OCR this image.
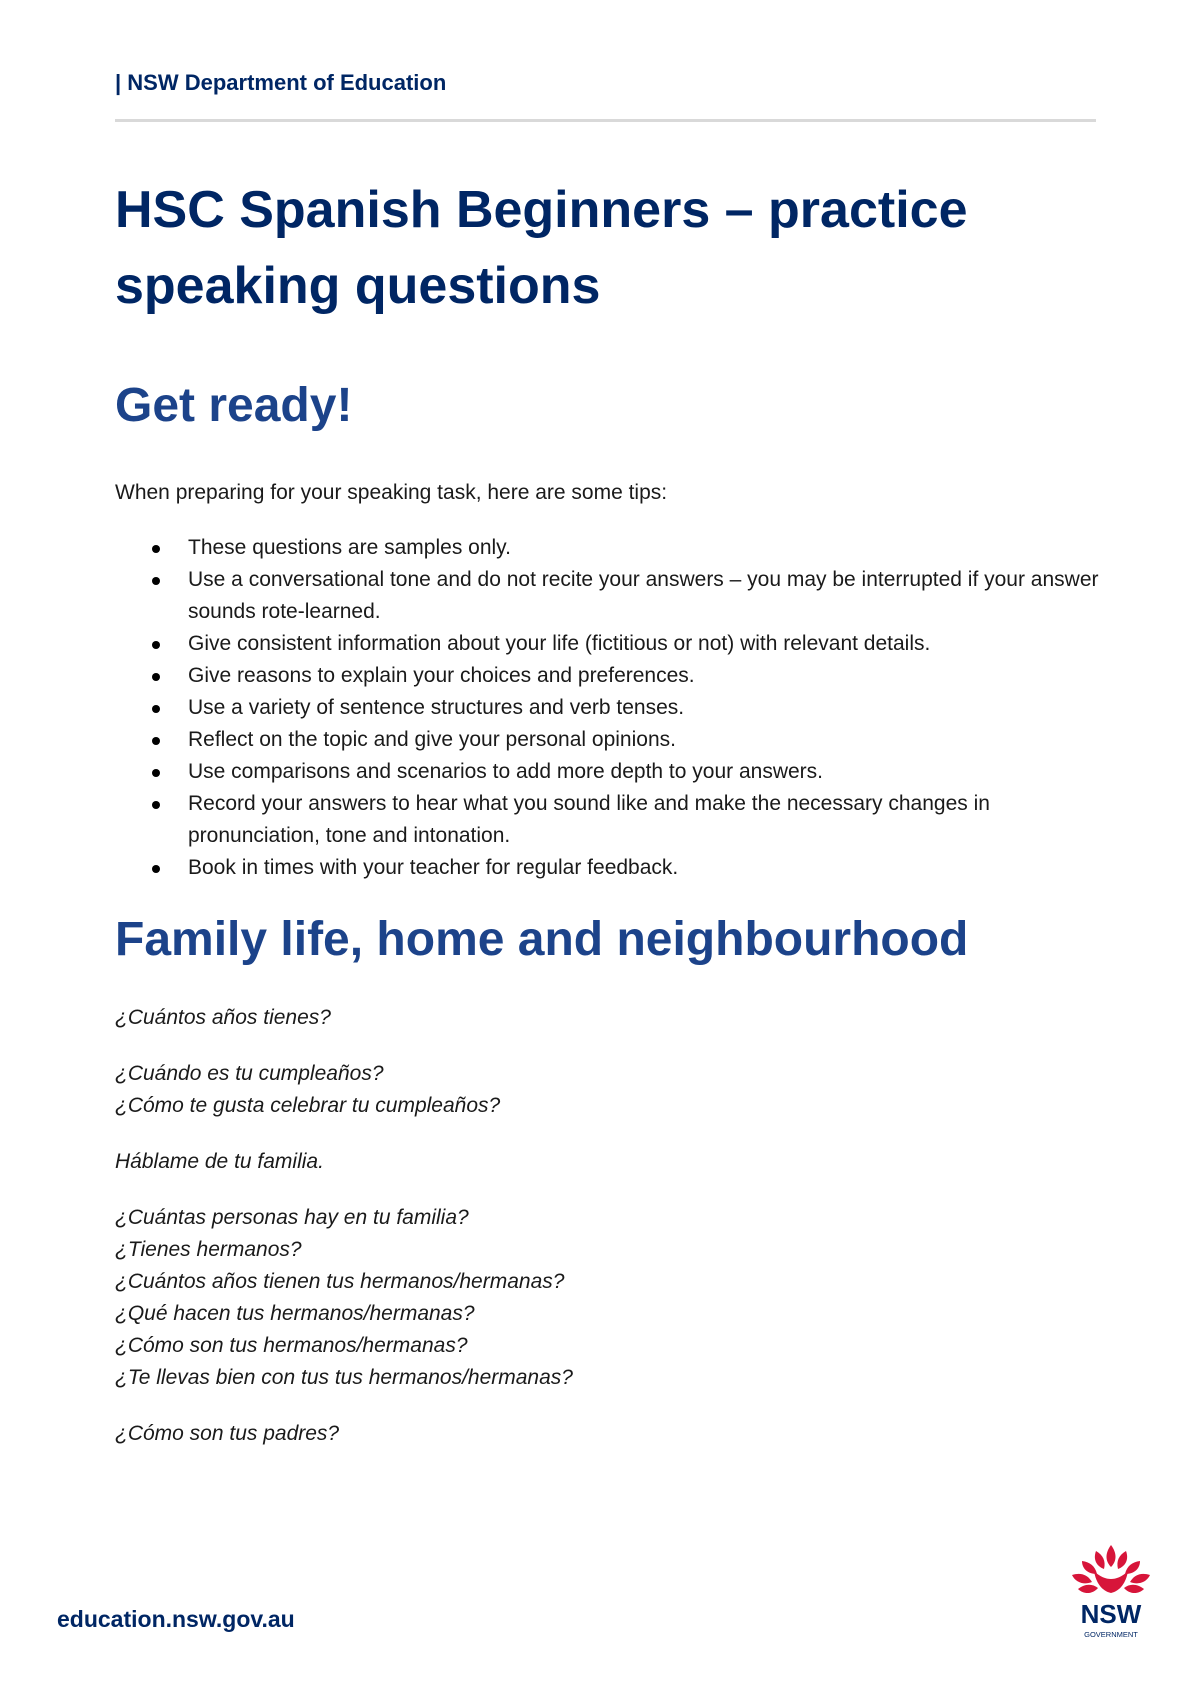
| NSW Department of Education
HSC Spanish Beginners – practice speaking questions
Get ready!

When preparing for your speaking task, here are some tips:

These questions are samples only.
Use a conversational tone and do not recite your answers – you may be interrupted if your answer sounds rote-learned.
Give consistent information about your life (fictitious or not) with relevant details.
Give reasons to explain your choices and preferences.
Use a variety of sentence structures and verb tenses.
Reflect on the topic and give your personal opinions.
Use comparisons and scenarios to add more depth to your answers.
Record your answers to hear what you sound like and make the necessary changes in pronunciation, tone and intonation.
Book in times with your teacher for regular feedback.
Family life, home and neighbourhood
¿Cuántos años tienes?
¿Cuándo es tu cumpleaños?
¿Cómo te gusta celebrar tu cumpleaños?
Háblame de tu familia.
¿Cuántas personas hay en tu familia?
¿Tienes hermanos?
¿Cuántos años tienen tus hermanos/hermanas?
¿Qué hacen tus hermanos/hermanas?
¿Cómo son tus hermanos/hermanas?
¿Te llevas bien con tus tus hermanos/hermanas?
¿Cómo son tus padres?
education.nsw.gov.au	NSW
GOVERNMENT
